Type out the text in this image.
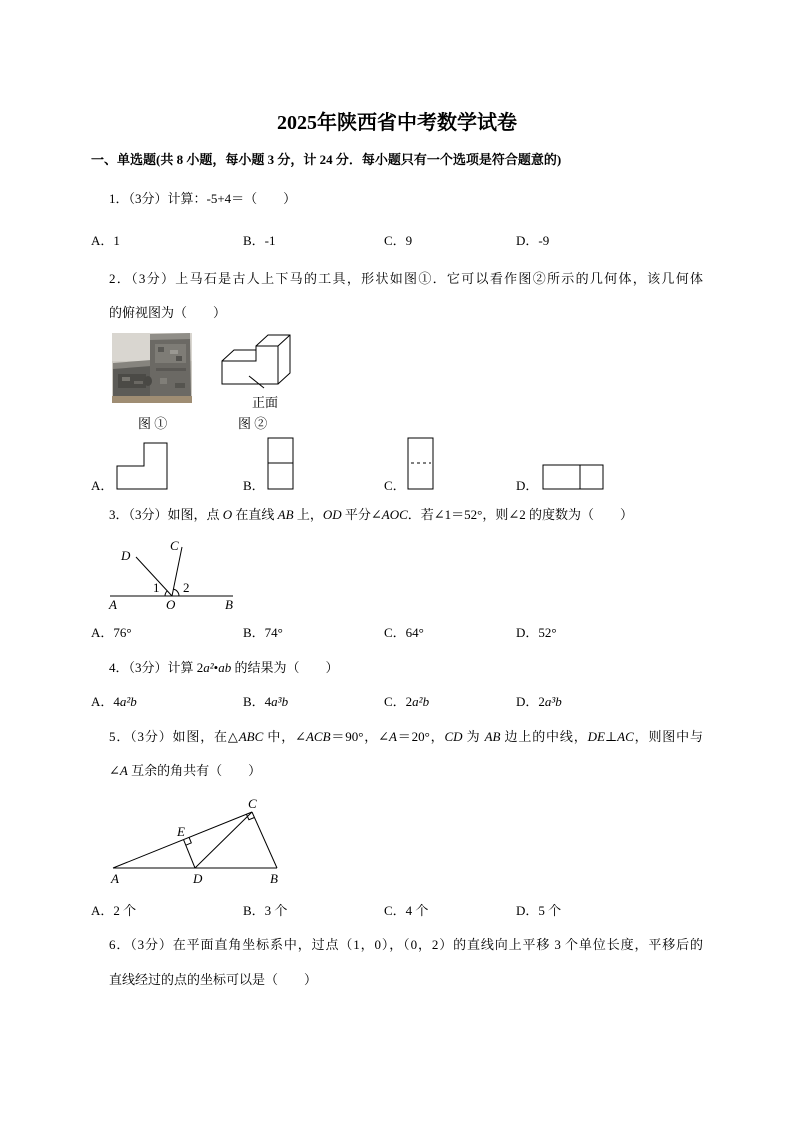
2025年陕西省中考数学试卷
一、单选题(共 8 小题，每小题 3 分，计 24 分．每小题只有一个选项是符合题意的)
1．（3分）计算：-5+4＝（　　）
A．1	B．-1	C．9	D．-9
2．（3分）上马石是古人上下马的工具，形状如图①．它可以看作图②所示的几何体，该几何体
的俯视图为（　　）
A．	B．	C．	D．
3．（3分）如图，点 O 在直线 AB 上，OD 平分∠AOC．若∠1＝52°，则∠2 的度数为（　　）
A．76°	B．74°	C．64°	D．52°
4．（3分）计算 2a²•ab 的结果为（　　）
A．4a²b	B．4a³b	C．2a²b	D．2a³b
5．（3分）如图，在△ABC 中，∠ACB＝90°，∠A＝20°，CD 为 AB 边上的中线，DE⊥AC，则图中与
∠A 互余的角共有（　　）
A．2 个	B．3 个	C．4 个	D．5 个
6．（3分）在平面直角坐标系中，过点（1，0），（0，2）的直线向上平移 3 个单位长度，平移后的
直线经过的点的坐标可以是（　　）
正面
图 ①	图 ②
D
C
A	O	B
1 2
C
E
A	D	B
